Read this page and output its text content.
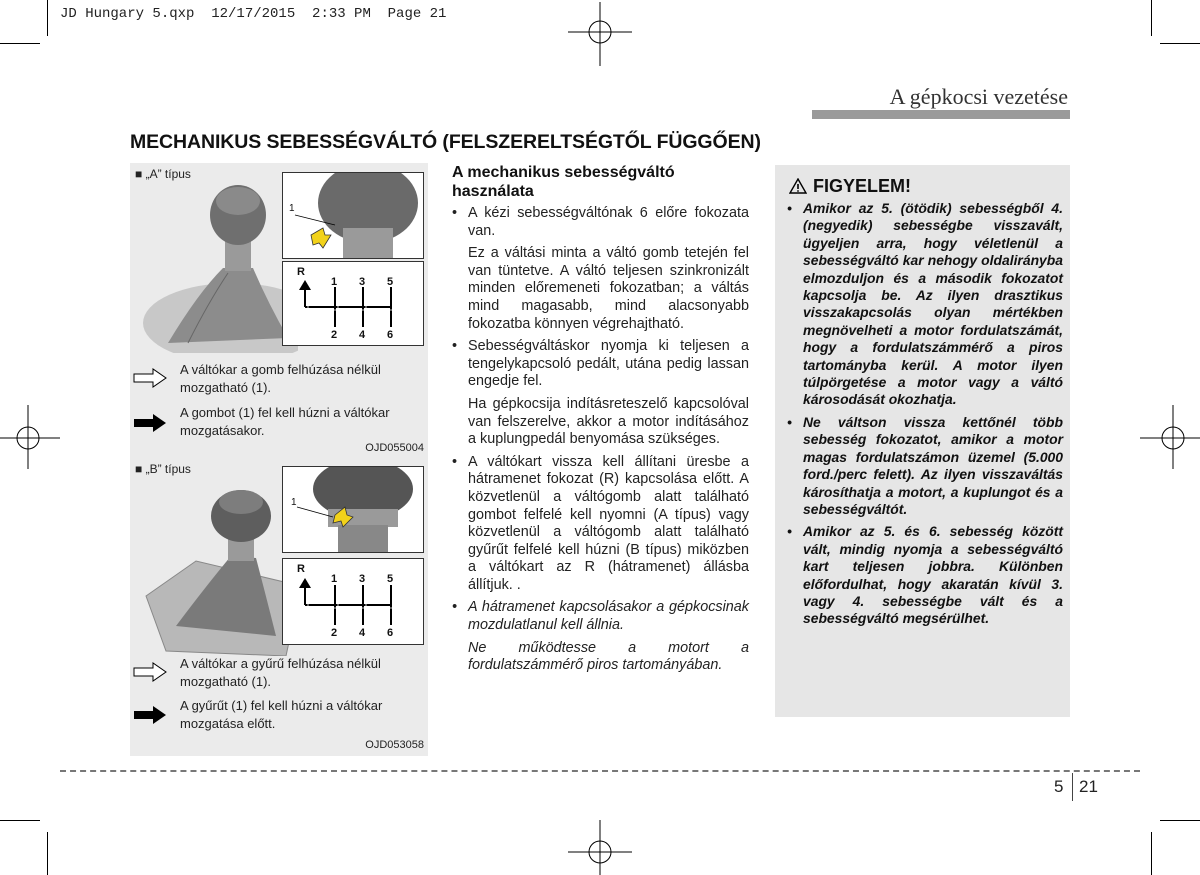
JD Hungary 5.qxp  12/17/2015  2:33 PM  Page 21
A gépkocsi vezetése
MECHANIKUS SEBESSÉGVÁLTÓ (FELSZERELTSÉGTŐL FÜGGŐEN)
■ „A” típus
1
R
1 3 5
2 4 6
A váltókar a gomb felhúzása nélkül mozgatható (1).
A gombot (1) fel kell húzni a váltókar mozgatásakor.
OJD055004
■ „B” típus
1
R
1 3 5
2 4 6
A váltókar a gyűrű felhúzása nélkül mozgatható (1).
A gyűrűt (1) fel kell húzni a váltókar mozgatása előtt.
OJD053058
A mechanikus sebességváltó használata

• A kézi sebességváltónak 6 előre fokozata van.

Ez a váltási minta a váltó gomb tetején fel van tüntetve. A váltó teljesen szinkronizált minden előremeneti fokozatban; a váltás mind magasabb, mind alacsonyabb fokozatba könnyen végrehajtható.

• Sebességváltáskor nyomja ki teljesen a tengelykapcsoló pedált, utána pedig lassan engedje fel.

Ha gépkocsija indításreteszelő kapcsolóval van felszerelve, akkor a motor indításához a kuplungpedál benyomása szükséges.

• A váltókart vissza kell állítani üresbe a hátramenet fokozat (R) kapcsolása előtt. A közvetlenül a váltógomb alatt található gombot felfelé kell nyomni (A típus) vagy közvetlenül a váltógomb alatt található gyűrűt felfelé kell húzni (B típus) miközben a váltókart az R (hátramenet) állásba állítjuk. .

• A hátramenet kapcsolásakor a gépkocsinak mozdulatlanul kell állnia.

Ne működtesse a motort a fordulatszámmérő piros tartományában.

FIGYELEM!

• Amikor az 5. (ötödik) sebességből 4. (negyedik) sebességbe visszavált, ügyeljen arra, hogy véletlenül a sebességváltó kar nehogy oldalirányba elmozduljon és a második fokozatot kapcsolja be. Az ilyen drasztikus visszakapcsolás olyan mértékben megnövelheti a motor fordulatszámát, hogy a fordulatszámmérő a piros tartományba kerül. A motor ilyen túlpörgetése a motor vagy a váltó károsodását okozhatja.

• Ne váltson vissza kettőnél több sebesség fokozatot, amikor a motor magas fordulatszámon üzemel (5.000 ford./perc felett). Az ilyen visszaváltás károsíthatja a motort, a kuplungot és a sebességváltót.

• Amikor az 5. és 6. sebesség között vált, mindig nyomja a sebességváltó kart teljesen jobbra. Különben előfordulhat, hogy akaratán kívül 3. vagy 4. sebességbe vált és a sebességváltó megsérülhet.

5 21
